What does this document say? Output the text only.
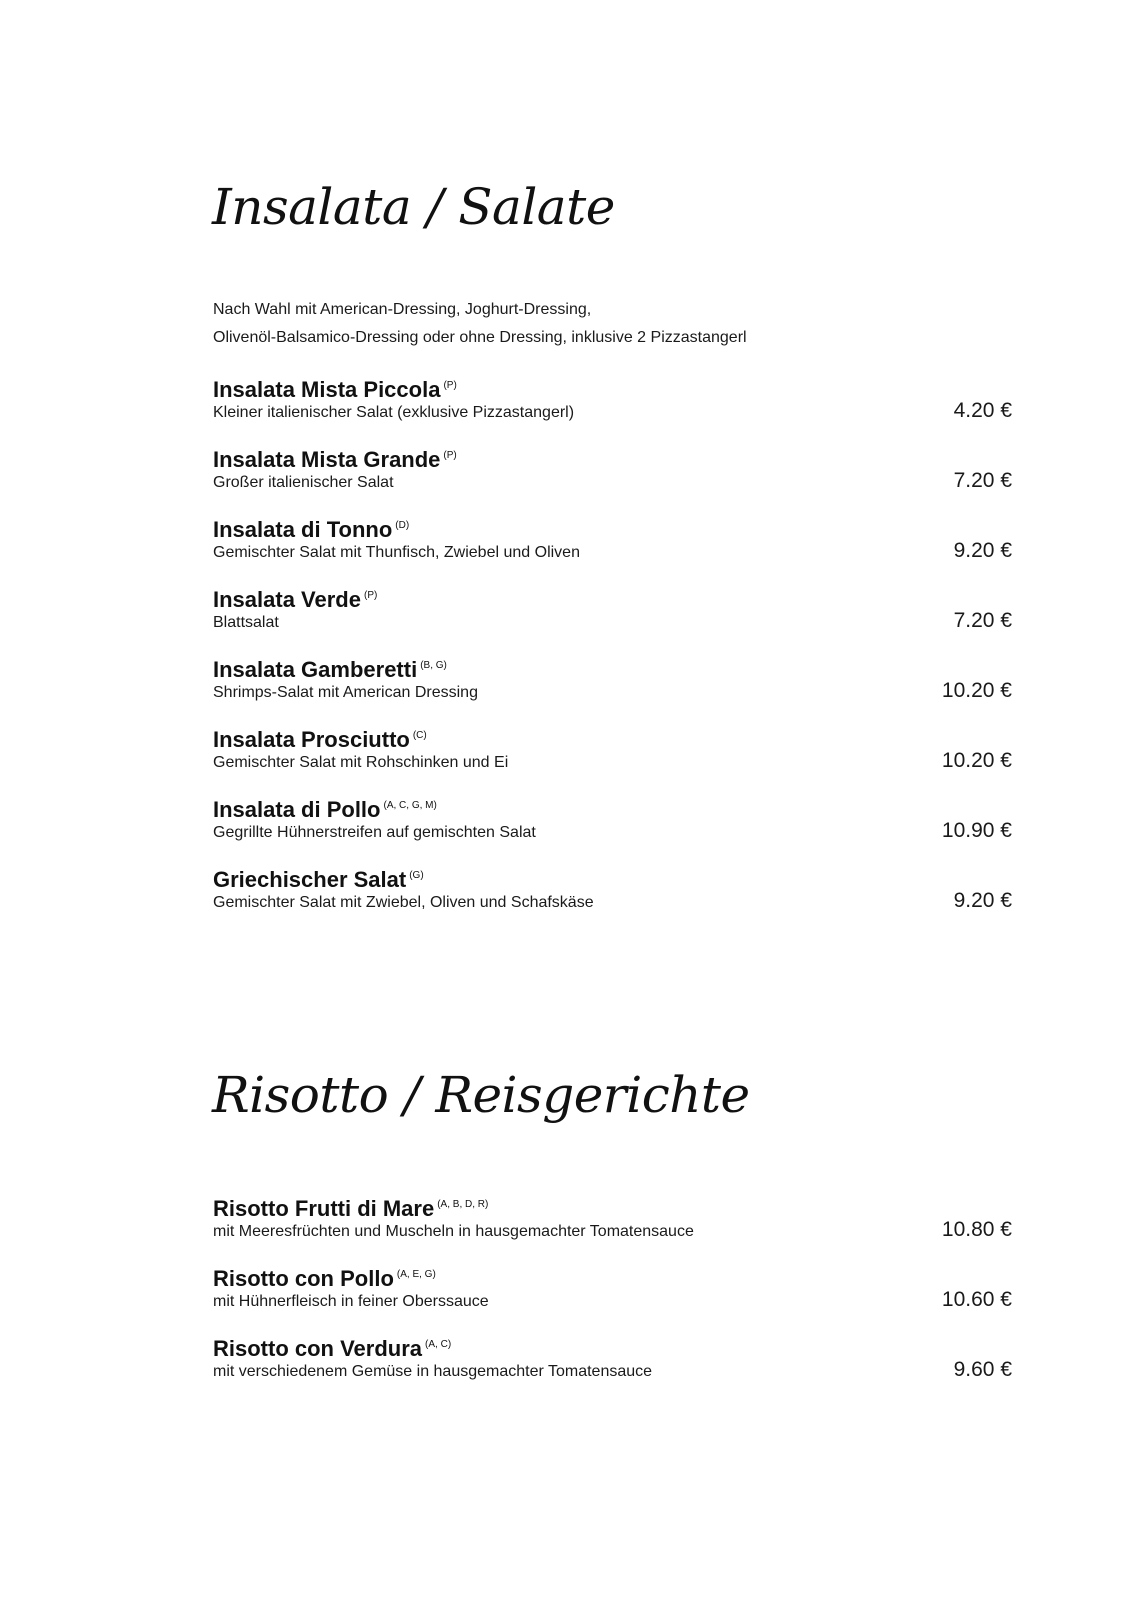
Insalata / Salate
Nach Wahl mit American-Dressing, Joghurt-Dressing,
Olivenöl-Balsamico-Dressing oder ohne Dressing, inklusive 2 Pizzastangerl
Insalata Mista Piccola $^{(P)}$
Kleiner italienischer Salat (exklusive Pizzastangerl)	4.20 €
Insalata Mista Grande $^{(P)}$
Großer italienischer Salat	7.20 €
Insalata di Tonno $^{(D)}$
Gemischter Salat mit Thunfisch, Zwiebel und Oliven	9.20 €
Insalata Verde $^{(P)}$
Blattsalat	7.20 €
Insalata Gamberetti $^{(B, G)}$
Shrimps-Salat mit American Dressing	10.20 €
Insalata Prosciutto $^{(C)}$
Gemischter Salat mit Rohschinken und Ei	10.20 €
Insalata di Pollo $^{(A, C, G, M)}$
Gegrillte Hühnerstreifen auf gemischten Salat	10.90 €
Griechischer Salat $^{(G)}$
Gemischter Salat mit Zwiebel, Oliven und Schafskäse	9.20 €
Risotto / Reisgerichte
Risotto Frutti di Mare $^{(A, B, D, R)}$
mit Meeresfrüchten und Muscheln in hausgemachter Tomatensauce	10.80 €
Risotto con Pollo $^{(A, E, G)}$
mit Hühnerfleisch in feiner Oberssauce	10.60 €
Risotto con Verdura $^{(A, C)}$
mit verschiedenem Gemüse in hausgemachter Tomatensauce	9.60 €
